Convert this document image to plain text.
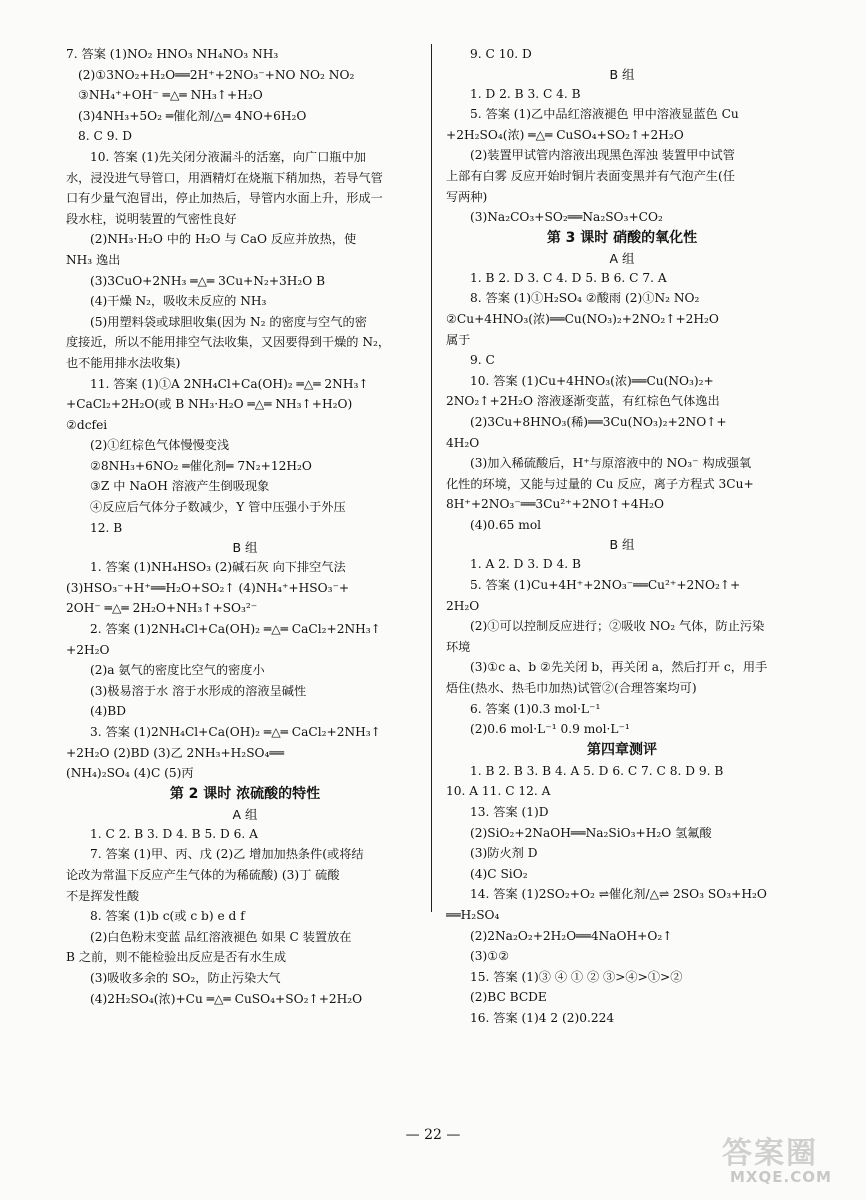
7. 答案 (1)NO₂ HNO₃ NH₄NO₃ NH₃
(2)①3NO₂+H₂O══2H⁺+2NO₃⁻+NO NO₂ NO₂
③NH₄⁺+OH⁻ ═△═ NH₃↑+H₂O
(3)4NH₃+5O₂ ═催化剂/△═ 4NO+6H₂O
8. C 9. D
10. 答案 (1)先关闭分液漏斗的活塞，向广口瓶中加
水，浸没进气导管口，用酒精灯在烧瓶下稍加热，若导气管
口有少量气泡冒出，停止加热后，导管内水面上升，形成一
段水柱，说明装置的气密性良好
(2)NH₃·H₂O 中的 H₂O 与 CaO 反应并放热，使
NH₃ 逸出
(3)3CuO+2NH₃ ═△═ 3Cu+N₂+3H₂O B
(4)干燥 N₂，吸收未反应的 NH₃
(5)用塑料袋或球胆收集(因为 N₂ 的密度与空气的密
度接近，所以不能用排空气法收集，又因要得到干燥的 N₂，
也不能用排水法收集)
11. 答案 (1)①A 2NH₄Cl+Ca(OH)₂ ═△═ 2NH₃↑
+CaCl₂+2H₂O(或 B NH₃·H₂O ═△═ NH₃↑+H₂O)
②dcfei
(2)①红棕色气体慢慢变浅
②8NH₃+6NO₂ ═催化剂═ 7N₂+12H₂O
③Z 中 NaOH 溶液产生倒吸现象
④反应后气体分子数减少，Y 管中压强小于外压
12. B
B 组
1. 答案 (1)NH₄HSO₃ (2)碱石灰 向下排空气法
(3)HSO₃⁻+H⁺══H₂O+SO₂↑ (4)NH₄⁺+HSO₃⁻+
2OH⁻ ═△═ 2H₂O+NH₃↑+SO₃²⁻
2. 答案 (1)2NH₄Cl+Ca(OH)₂ ═△═ CaCl₂+2NH₃↑
+2H₂O
(2)a 氨气的密度比空气的密度小
(3)极易溶于水 溶于水形成的溶液呈碱性
(4)BD
3. 答案 (1)2NH₄Cl+Ca(OH)₂ ═△═ CaCl₂+2NH₃↑
+2H₂O (2)BD (3)乙 2NH₃+H₂SO₄══
(NH₄)₂SO₄ (4)C (5)丙
第 2 课时 浓硫酸的特性
A 组
1. C 2. B 3. D 4. B 5. D 6. A
7. 答案 (1)甲、丙、戊 (2)乙 增加加热条件(或将结
论改为常温下反应产生气体的为稀硫酸) (3)丁 硫酸
不是挥发性酸
8. 答案 (1)b c(或 c b) e d f
(2)白色粉末变蓝 品红溶液褪色 如果 C 装置放在
B 之前，则不能检验出反应是否有水生成
(3)吸收多余的 SO₂，防止污染大气
(4)2H₂SO₄(浓)+Cu ═△═ CuSO₄+SO₂↑+2H₂O
9. C 10. D
B 组
1. D 2. B 3. C 4. B
5. 答案 (1)乙中品红溶液褪色 甲中溶液显蓝色 Cu
+2H₂SO₄(浓) ═△═ CuSO₄+SO₂↑+2H₂O
(2)装置甲试管内溶液出现黑色浑浊 装置甲中试管
上部有白雾 反应开始时铜片表面变黑并有气泡产生(任
写两种)
(3)Na₂CO₃+SO₂══Na₂SO₃+CO₂
第 3 课时 硝酸的氧化性
A 组
1. B 2. D 3. C 4. D 5. B 6. C 7. A
8. 答案 (1)①H₂SO₄ ②酸雨 (2)①N₂ NO₂
②Cu+4HNO₃(浓)══Cu(NO₃)₂+2NO₂↑+2H₂O
属于
9. C
10. 答案 (1)Cu+4HNO₃(浓)══Cu(NO₃)₂+
2NO₂↑+2H₂O 溶液逐渐变蓝，有红棕色气体逸出
(2)3Cu+8HNO₃(稀)══3Cu(NO₃)₂+2NO↑+
4H₂O
(3)加入稀硫酸后，H⁺与原溶液中的 NO₃⁻ 构成强氧
化性的环境，又能与过量的 Cu 反应，离子方程式 3Cu+
8H⁺+2NO₃⁻══3Cu²⁺+2NO↑+4H₂O
(4)0.65 mol
B 组
1. A 2. D 3. D 4. B
5. 答案 (1)Cu+4H⁺+2NO₃⁻══Cu²⁺+2NO₂↑+
2H₂O
(2)①可以控制反应进行；②吸收 NO₂ 气体，防止污染
环境
(3)①c a、b ②先关闭 b，再关闭 a，然后打开 c，用手
焐住(热水、热毛巾加热)试管②(合理答案均可)
6. 答案 (1)0.3 mol·L⁻¹
(2)0.6 mol·L⁻¹ 0.9 mol·L⁻¹
第四章测评
1. B 2. B 3. B 4. A 5. D 6. C 7. C 8. D 9. B
10. A 11. C 12. A
13. 答案 (1)D
(2)SiO₂+2NaOH══Na₂SiO₃+H₂O 氢氟酸
(3)防火剂 D
(4)C SiO₂
14. 答案 (1)2SO₂+O₂ ⇌催化剂/△⇌ 2SO₃ SO₃+H₂O
══H₂SO₄
(2)2Na₂O₂+2H₂O══4NaOH+O₂↑
(3)①②
15. 答案 (1)③ ④ ① ② ③>④>①>②
(2)BC BCDE
16. 答案 (1)4 2 (2)0.224
— 22 —
答案圈
MXQE.COM
